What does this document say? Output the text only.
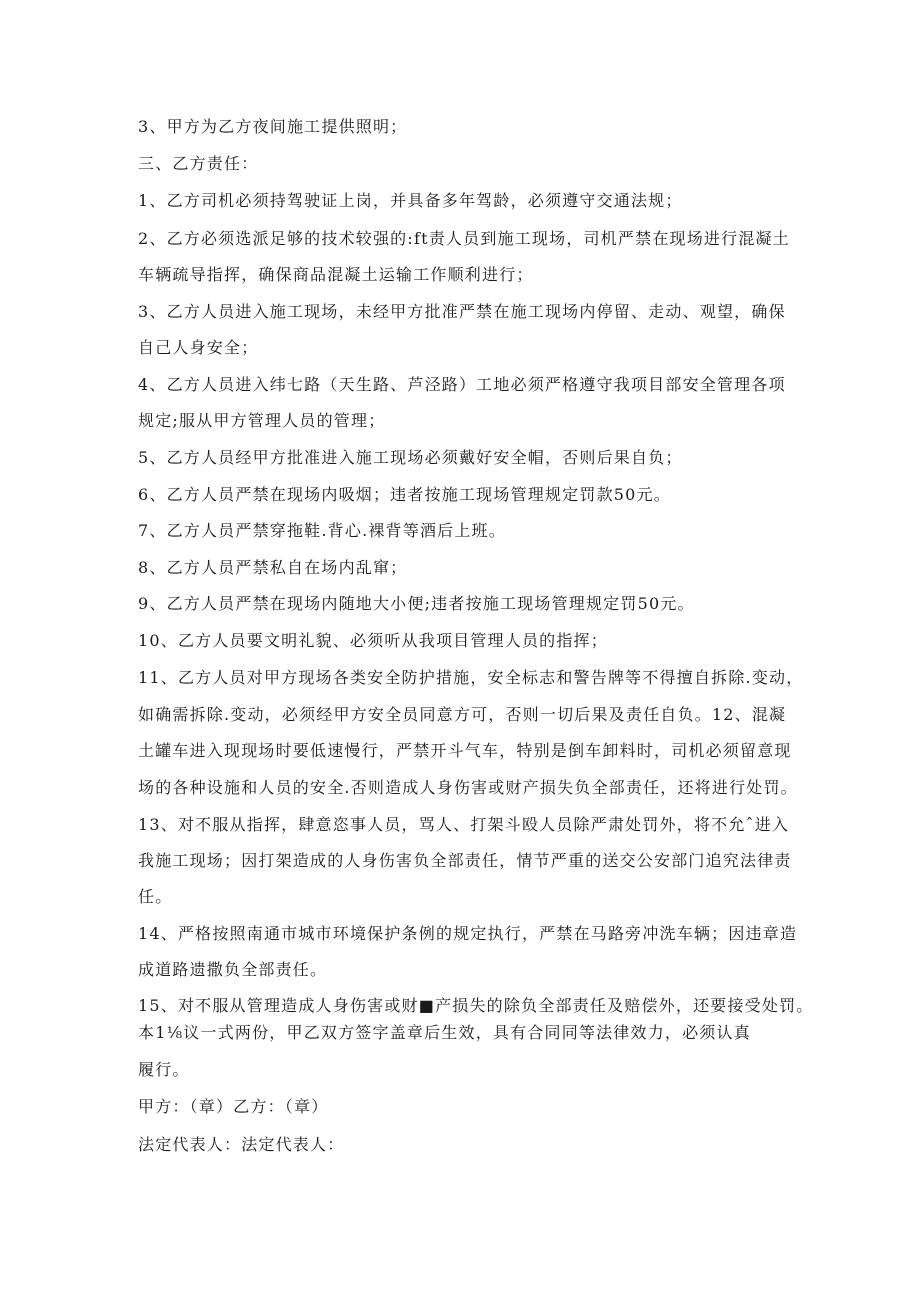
3、甲方为乙方夜间施工提供照明；
三、乙方责任：
1、乙方司机必须持驾驶证上岗，并具备多年驾龄，必须遵守交通法规；
2、乙方必须选派足够的技术较强的:ft责人员到施工现场，司机严禁在现场进行混凝土
车辆疏导指挥，确保商品混凝土运输工作顺利进行；
3、乙方人员进入施工现场，未经甲方批准严禁在施工现场内停留、走动、观望，确保
自己人身安全；
4、乙方人员进入纬七路（天生路、芦泾路）工地必须严格遵守我项目部安全管理各项
规定;服从甲方管理人员的管理；
5、乙方人员经甲方批准进入施工现场必须戴好安全帽，否则后果自负；
6、乙方人员严禁在现场内吸烟；违者按施工现场管理规定罚款50元。
7、乙方人员严禁穿拖鞋.背心.裸背等酒后上班。
8、乙方人员严禁私自在场内乱窜；
9、乙方人员严禁在现场内随地大小便;违者按施工现场管理规定罚50元。
10、乙方人员要文明礼貌、必须听从我项目管理人员的指挥；
11、乙方人员对甲方现场各类安全防护措施，安全标志和警告牌等不得擅自拆除.变动，
如确需拆除.变动，必须经甲方安全员同意方可，否则一切后果及责任自负。12、混凝
土罐车进入现现场时要低速慢行，严禁开斗气车，特别是倒车卸料时，司机必须留意现
场的各种设施和人员的安全.否则造成人身伤害或财产损失负全部责任，还将进行处罚。
13、对不服从指挥，肆意恣事人员，骂人、打架斗殴人员除严肃处罚外，将不允ˆ进入
我施工现场；因打架造成的人身伤害负全部责任，情节严重的送交公安部门追究法律责
任。
14、严格按照南通市城市环境保护条例的规定执行，严禁在马路旁冲洗车辆；因违章造
成道路遗撒负全部责任。
15、对不服从管理造成人身伤害或财■产损失的除负全部责任及赔偿外，还要接受处罚。
本1⅛议一式两份，甲乙双方签字盖章后生效，具有合同同等法律效力，必须认真
履行。
甲方：（章）乙方：（章）
法定代表人：法定代表人：
